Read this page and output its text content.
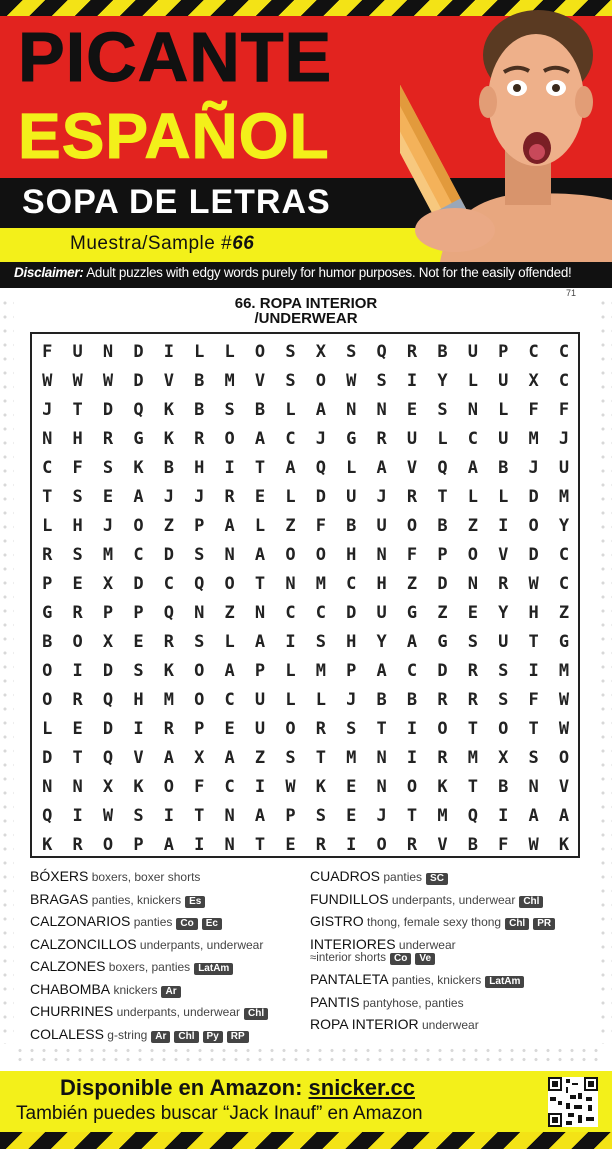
PICANTE
ESPAÑOL
SOPA DE LETRAS
Muestra/Sample #66
Disclaimer: Adult puzzles with edgy words purely for humor purposes. Not for the easily offended!
71
66. ROPA INTERIOR
/UNDERWEAR
F	U	N	D	I	L	L	O	S	X	S	Q	R	B	U	P	C	C
W	W	W	D	V	B	M	V	S	O	W	S	I	Y	L	U	X	C
J	T	D	Q	K	B	S	B	L	A	N	N	E	S	N	L	F	F
N	H	R	G	K	R	O	A	C	J	G	R	U	L	C	U	M	J
C	F	S	K	B	H	I	T	A	Q	L	A	V	Q	A	B	J	U
T	S	E	A	J	J	R	E	L	D	U	J	R	T	L	L	D	M
L	H	J	O	Z	P	A	L	Z	F	B	U	O	B	Z	I	O	Y
R	S	M	C	D	S	N	A	O	O	H	N	F	P	O	V	D	C
P	E	X	D	C	Q	O	T	N	M	C	H	Z	D	N	R	W	C
G	R	P	P	Q	N	Z	N	C	C	D	U	G	Z	E	Y	H	Z
B	O	X	E	R	S	L	A	I	S	H	Y	A	G	S	U	T	G
O	I	D	S	K	O	A	P	L	M	P	A	C	D	R	S	I	M
O	R	Q	H	M	O	C	U	L	L	J	B	B	R	R	S	F	W
L	E	D	I	R	P	E	U	O	R	S	T	I	O	T	O	T	W
D	T	Q	V	A	X	A	Z	S	T	M	N	I	R	M	X	S	O
N	N	X	K	O	F	C	I	W	K	E	N	O	K	T	B	N	V
Q	I	W	S	I	T	N	A	P	S	E	J	T	M	Q	I	A	A
K	R	O	P	A	I	N	T	E	R	I	O	R	V	B	F	W	K
BÓXERS boxers, boxer shorts
BRAGAS panties, knickers Es
CALZONARIOS panties Co Ec
CALZONCILLOS underpants, underwear
CALZONES boxers, panties LatAm
CHABOMBA knickers Ar
CHURRINES underpants, underwear Chl
COLALESS g-string Ar Chl Py RP
CUADROS panties SC
FUNDILLOS underpants, underwear Chl
GISTRO thong, female sexy thong Chl PR
INTERIORES underwear
≈interior shorts Co Ve
PANTALETA panties, knickers LatAm
PANTIS pantyhose, panties
ROPA INTERIOR underwear
Disponible en Amazon: snicker.cc
También puedes buscar “Jack Inauf” en Amazon
